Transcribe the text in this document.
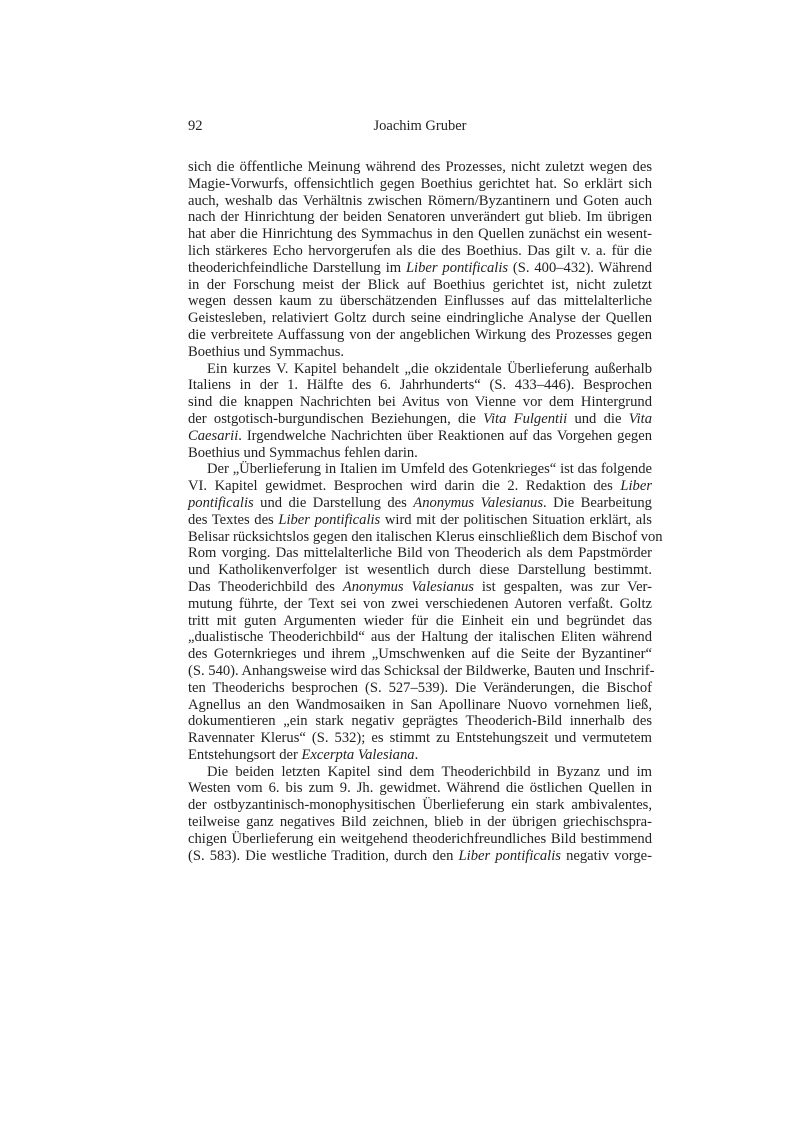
92	Joachim Gruber
sich die öffentliche Meinung während des Prozesses, nicht zuletzt wegen des
Magie-Vorwurfs, offensichtlich gegen Boethius gerichtet hat. So erklärt sich
auch, weshalb das Verhältnis zwischen Römern/Byzantinern und Goten auch
nach der Hinrichtung der beiden Senatoren unverändert gut blieb. Im übrigen
hat aber die Hinrichtung des Symmachus in den Quellen zunächst ein wesent-
lich stärkeres Echo hervorgerufen als die des Boethius. Das gilt v. a. für die
theoderichfeindliche Darstellung im Liber pontificalis (S. 400–432). Während
in der Forschung meist der Blick auf Boethius gerichtet ist, nicht zuletzt
wegen dessen kaum zu überschätzenden Einflusses auf das mittelalterliche
Geistesleben, relativiert Goltz durch seine eindringliche Analyse der Quellen
die verbreitete Auffassung von der angeblichen Wirkung des Prozesses gegen
Boethius und Symmachus.
Ein kurzes V. Kapitel behandelt „die okzidentale Überlieferung außerhalb
Italiens in der 1. Hälfte des 6. Jahrhunderts“ (S. 433–446). Besprochen
sind die knappen Nachrichten bei Avitus von Vienne vor dem Hintergrund
der ostgotisch-burgundischen Beziehungen, die Vita Fulgentii und die Vita
Caesarii. Irgendwelche Nachrichten über Reaktionen auf das Vorgehen gegen
Boethius und Symmachus fehlen darin.
Der „Überlieferung in Italien im Umfeld des Gotenkrieges“ ist das folgende
VI. Kapitel gewidmet. Besprochen wird darin die 2. Redaktion des Liber
pontificalis und die Darstellung des Anonymus Valesianus. Die Bearbeitung
des Textes des Liber pontificalis wird mit der politischen Situation erklärt, als
Belisar rücksichtslos gegen den italischen Klerus einschließlich dem Bischof von
Rom vorging. Das mittelalterliche Bild von Theoderich als dem Papstmörder
und Katholikenverfolger ist wesentlich durch diese Darstellung bestimmt.
Das Theoderichbild des Anonymus Valesianus ist gespalten, was zur Ver-
mutung führte, der Text sei von zwei verschiedenen Autoren verfaßt. Goltz
tritt mit guten Argumenten wieder für die Einheit ein und begründet das
„dualistische Theoderichbild“ aus der Haltung der italischen Eliten während
des Goternkrieges und ihrem „Umschwenken auf die Seite der Byzantiner“
(S. 540). Anhangsweise wird das Schicksal der Bildwerke, Bauten und Inschrif-
ten Theoderichs besprochen (S. 527–539). Die Veränderungen, die Bischof
Agnellus an den Wandmosaiken in San Apollinare Nuovo vornehmen ließ,
dokumentieren „ein stark negativ geprägtes Theoderich-Bild innerhalb des
Ravennater Klerus“ (S. 532); es stimmt zu Entstehungszeit und vermutetem
Entstehungsort der Excerpta Valesiana.
Die beiden letzten Kapitel sind dem Theoderichbild in Byzanz und im
Westen vom 6. bis zum 9. Jh. gewidmet. Während die östlichen Quellen in
der ostbyzantinisch-monophysitischen Überlieferung ein stark ambivalentes,
teilweise ganz negatives Bild zeichnen, blieb in der übrigen griechischspra-
chigen Überlieferung ein weitgehend theoderichfreundliches Bild bestimmend
(S. 583). Die westliche Tradition, durch den Liber pontificalis negativ vorge-
